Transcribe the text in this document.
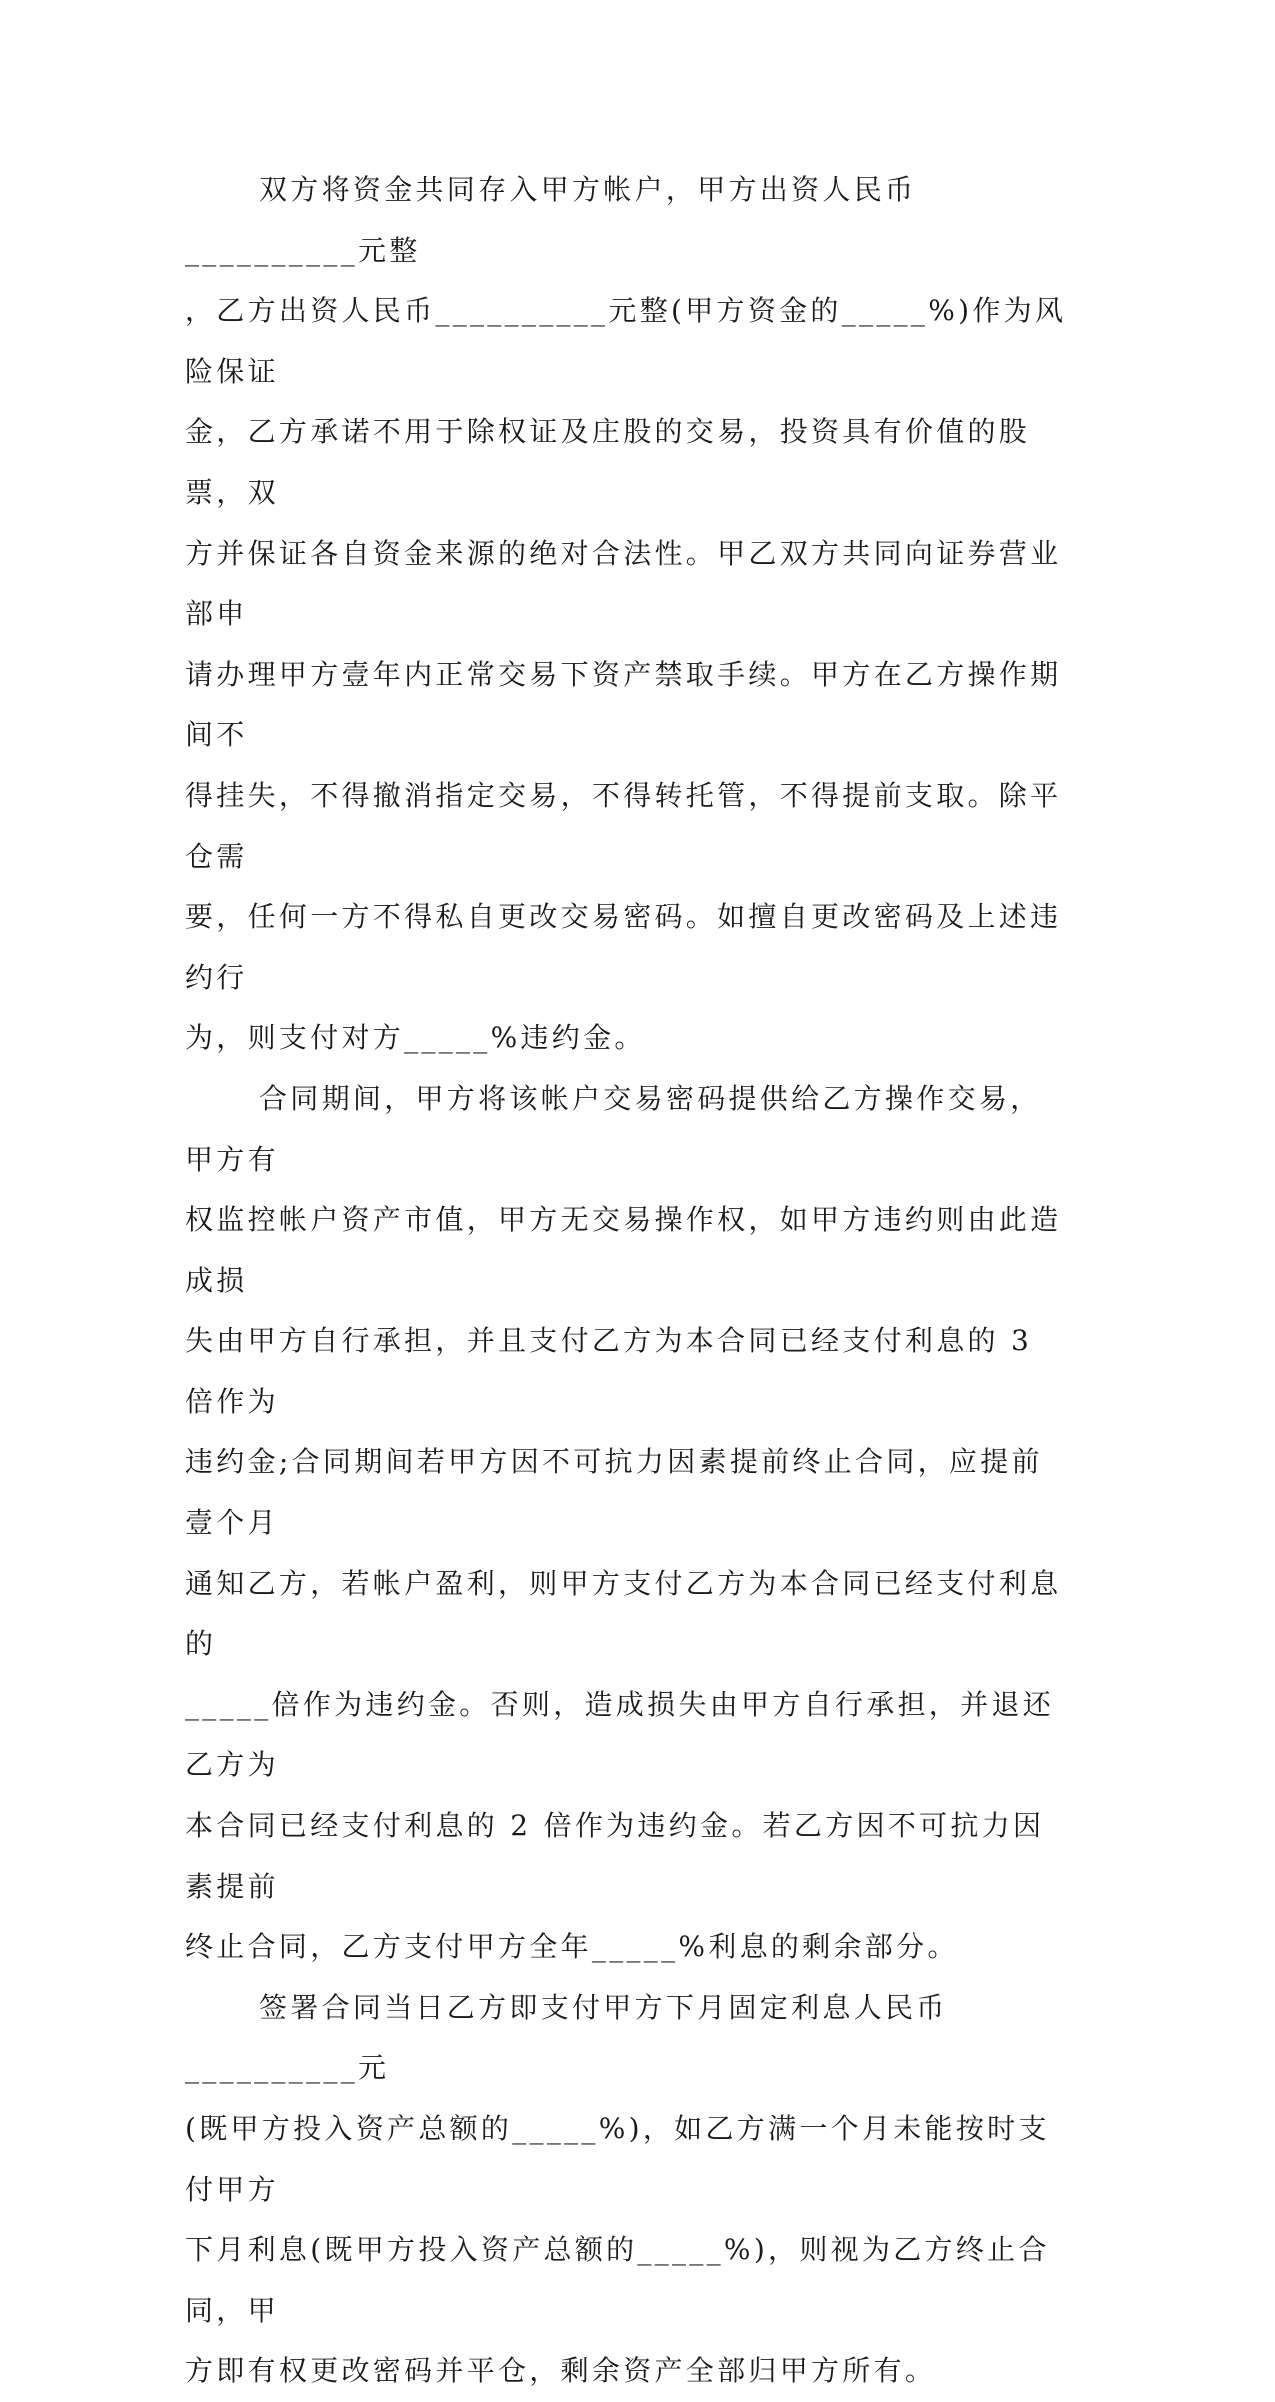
双方将资金共同存入甲方帐户，甲方出资人民币__________元整
，乙方出资人民币__________元整(甲方资金的_____%)作为风险保证
金，乙方承诺不用于除权证及庄股的交易，投资具有价值的股票，双
方并保证各自资金来源的绝对合法性。甲乙双方共同向证券营业部申
请办理甲方壹年内正常交易下资产禁取手续。甲方在乙方操作期间不
得挂失，不得撤消指定交易，不得转托管，不得提前支取。除平仓需
要，任何一方不得私自更改交易密码。如擅自更改密码及上述违约行
为，则支付对方_____%违约金。

合同期间，甲方将该帐户交易密码提供给乙方操作交易，甲方有
权监控帐户资产市值，甲方无交易操作权，如甲方违约则由此造成损
失由甲方自行承担，并且支付乙方为本合同已经支付利息的 3 倍作为
违约金;合同期间若甲方因不可抗力因素提前终止合同，应提前壹个月
通知乙方，若帐户盈利，则甲方支付乙方为本合同已经支付利息的
_____倍作为违约金。否则，造成损失由甲方自行承担，并退还乙方为
本合同已经支付利息的 2 倍作为违约金。若乙方因不可抗力因素提前
终止合同，乙方支付甲方全年_____%利息的剩余部分。

签署合同当日乙方即支付甲方下月固定利息人民币__________元
(既甲方投入资产总额的_____%)，如乙方满一个月未能按时支付甲方
下月利息(既甲方投入资产总额的_____%)，则视为乙方终止合同，甲
方即有权更改密码并平仓，剩余资产全部归甲方所有。
